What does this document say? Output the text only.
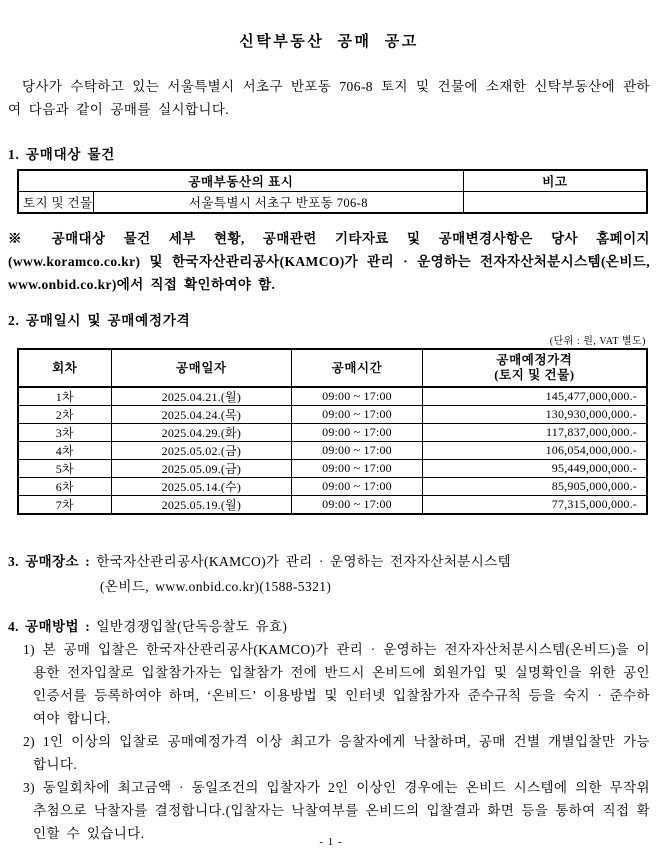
신탁부동산 공매 공고

당사가 수탁하고 있는 서울특별시 서초구 반포동 706-8 토지 및 건물에 소재한 신탁부동산에 관하여 다음과 같이 공매를 실시합니다.

1. 공매대상 물건
공매부동산의 표시		비고
토지 및 건물	서울특별시 서초구 반포동 706-8	

※ 공매대상 물건 세부 현황, 공매관련 기타자료 및 공매변경사항은 당사 홈페이지(www.koramco.co.kr) 및 한국자산관리공사(KAMCO)가 관리 · 운영하는 전자자산처분시스템(온비드, www.onbid.co.kr)에서 직접 확인하여야 함.

2. 공매일시 및 공매예정가격
(단위 : 원, VAT 별도)
회차	공매일자	공매시간	공매예정가격
(토지 및 건물)

1차	2025.04.21.(월)	09:00 ~ 17:00	145,477,000,000.-
2차	2025.04.24.(목)	09:00 ~ 17:00	130,930,000,000.-
3차	2025.04.29.(화)	09:00 ~ 17:00	117,837,000,000.-
4차	2025.05.02.(금)	09:00 ~ 17:00	106,054,000,000.-
5차	2025.05.09.(금)	09:00 ~ 17:00	95,449,000,000.-
6차	2025.05.14.(수)	09:00 ~ 17:00	85,905,000,000.-
7차	2025.05.19.(월)	09:00 ~ 17:00	77,315,000,000.-
3. 공매장소 : 한국자산관리공사(KAMCO)가 관리 · 운영하는 전자자산처분시스템
(온비드, www.onbid.co.kr)(1588-5321)
4. 공매방법 : 일반경쟁입찰(단독응찰도 유효)
1) 본 공매 입찰은 한국자산관리공사(KAMCO)가 관리 · 운영하는 전자자산처분시스템(온비드)을 이용한 전자입찰로 입찰참가자는 입찰참가 전에 반드시 온비드에 회원가입 및 실명확인을 위한 공인인증서를 등록하여야 하며, ‘온비드’ 이용방법 및 인터넷 입찰참가자 준수규칙 등을 숙지 · 준수하여야 합니다.
2) 1인 이상의 입찰로 공매예정가격 이상 최고가 응찰자에게 낙찰하며, 공매 건별 개별입찰만 가능합니다.
3) 동일회차에 최고금액 · 동일조건의 입찰자가 2인 이상인 경우에는 온비드 시스템에 의한 무작위 추첨으로 낙찰자를 결정합니다.(입찰자는 낙찰여부를 온비드의 입찰결과 화면 등을 통하여 직접 확인할 수 있습니다.
- 1 -
